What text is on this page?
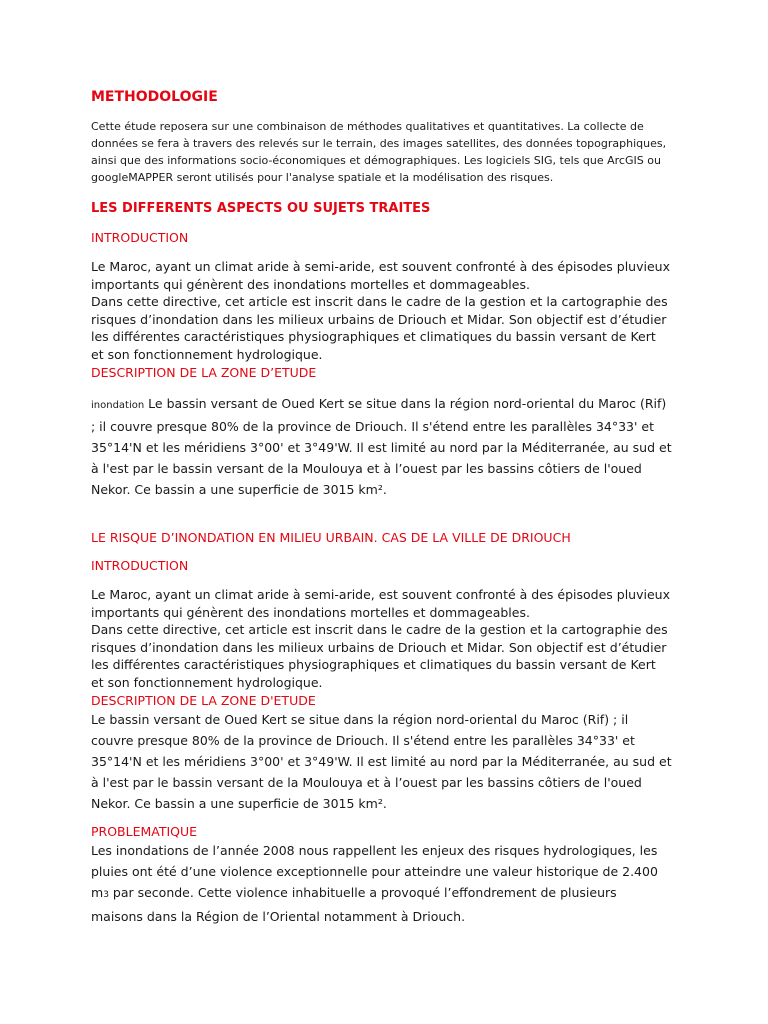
METHODOLOGIE

Cette étude reposera sur une combinaison de méthodes qualitatives et quantitatives. La collecte de données se fera à travers des relevés sur le terrain, des images satellites, des données topographiques, ainsi que des informations socio-économiques et démographiques. Les logiciels SIG, tels que ArcGIS ou googleMAPPER seront utilisés pour l'analyse spatiale et la modélisation des risques.

LES DIFFERENTS ASPECTS OU SUJETS TRAITES
INTRODUCTION

Le Maroc, ayant un climat aride à semi-aride, est souvent confronté à des épisodes pluvieux importants qui génèrent des inondations mortelles et dommageables.

Dans cette directive, cet article est inscrit dans le cadre de la gestion et la cartographie des risques d’inondation dans les milieux urbains de Driouch et Midar. Son objectif est d’étudier les différentes caractéristiques physiographiques et climatiques du bassin versant de Kert et son fonctionnement hydrologique.

DESCRIPTION DE LA ZONE D’ETUDE

inondation Le bassin versant de Oued Kert se situe dans la région nord-oriental du Maroc (Rif) ; il couvre presque 80% de la province de Driouch. Il s'étend entre les parallèles 34°33' et 35°14'N et les méridiens 3°00' et 3°49'W. Il est limité au nord par la Méditerranée, au sud et à l'est par le bassin versant de la Moulouya et à l’ouest par les bassins côtiers de l'oued Nekor. Ce bassin a une superficie de 3015 km².

LE RISQUE D’INONDATION EN MILIEU URBAIN. CAS DE LA VILLE DE DRIOUCH
INTRODUCTION

Le Maroc, ayant un climat aride à semi-aride, est souvent confronté à des épisodes pluvieux importants qui génèrent des inondations mortelles et dommageables.

Dans cette directive, cet article est inscrit dans le cadre de la gestion et la cartographie des risques d’inondation dans les milieux urbains de Driouch et Midar. Son objectif est d’étudier les différentes caractéristiques physiographiques et climatiques du bassin versant de Kert et son fonctionnement hydrologique.

DESCRIPTION DE LA ZONE D'ETUDE

Le bassin versant de Oued Kert se situe dans la région nord-oriental du Maroc (Rif) ; il couvre presque 80% de la province de Driouch. Il s'étend entre les parallèles 34°33' et 35°14'N et les méridiens 3°00' et 3°49'W. Il est limité au nord par la Méditerranée, au sud et à l'est par le bassin versant de la Moulouya et à l’ouest par les bassins côtiers de l'oued Nekor. Ce bassin a une superficie de 3015 km².

PROBLEMATIQUE

Les inondations de l’année 2008 nous rappellent les enjeux des risques hydrologiques, les pluies ont été d’une violence exceptionnelle pour atteindre une valeur historique de 2.400 m3 par seconde. Cette violence inhabituelle a provoqué l’effondrement de plusieurs maisons dans la Région de l’Oriental notamment à Driouch.
